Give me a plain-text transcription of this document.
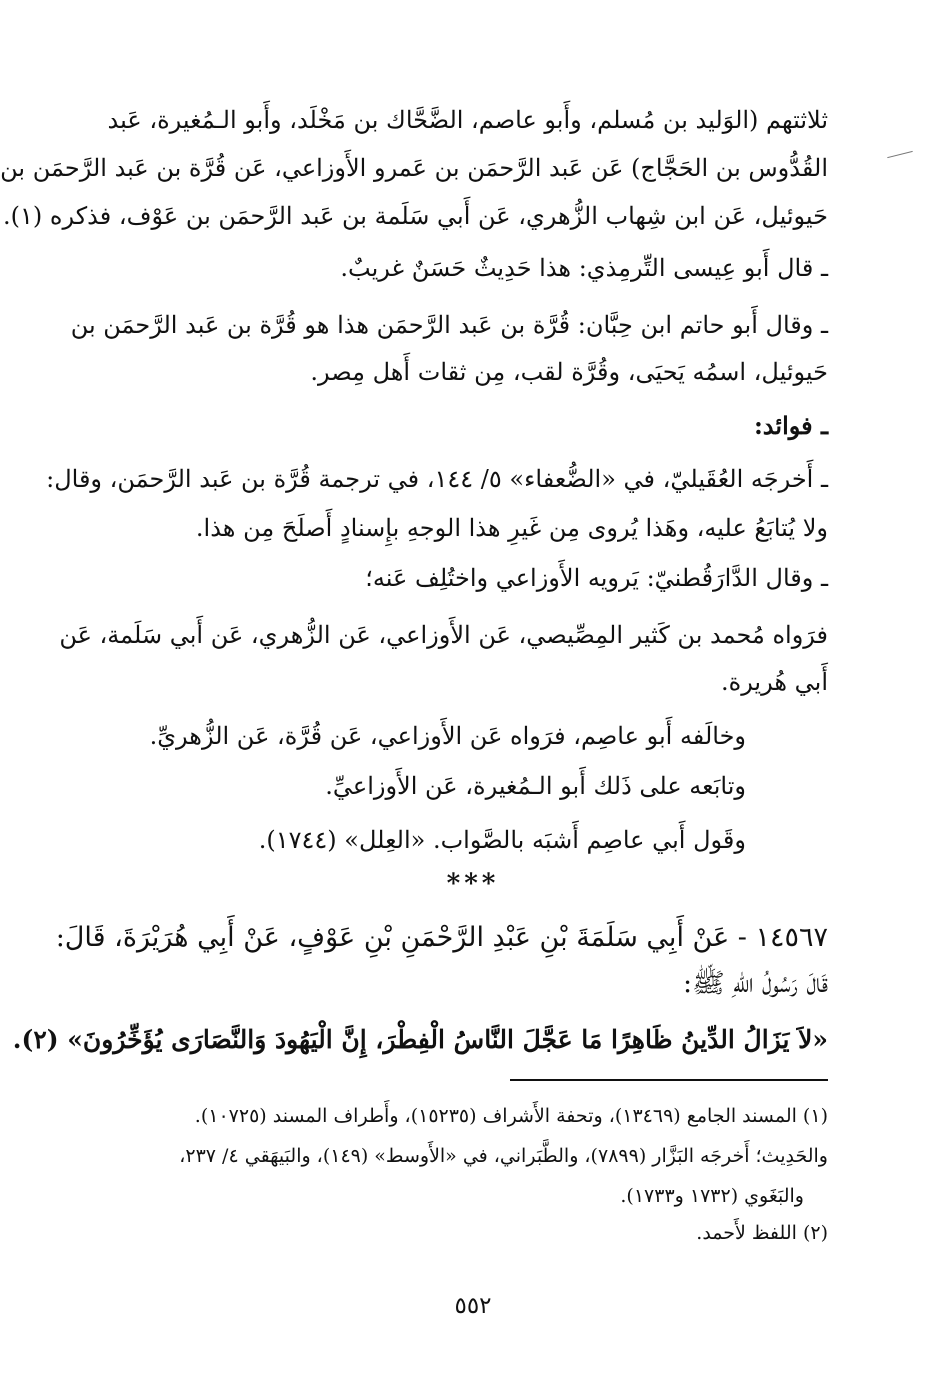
ثلاثتهم (الوَليد بن مُسلم، وأَبو عاصم، الضَّحَّاك بن مَخْلَد، وأَبو الـمُغيرة، عَبد
القُدُّوس بن الحَجَّاج) عَن عَبد الرَّحمَن بن عَمرو الأَوزاعي، عَن قُرَّة بن عَبد الرَّحمَن بن
حَيوئيل، عَن ابن شِهاب الزُّهري، عَن أَبي سَلَمة بن عَبد الرَّحمَن بن عَوْف، فذكره (١).
ـ قال أَبو عِيسى التِّرمِذي: هذا حَدِيثٌ حَسَنٌ غريبٌ.
ـ وقال أَبو حاتم ابن حِبَّان: قُرَّة بن عَبد الرَّحمَن هذا هو قُرَّة بن عَبد الرَّحمَن بن
حَيوئيل، اسمُه يَحيَى، وقُرَّة لقب، مِن ثقات أَهل مِصر.
ـ فوائد:
ـ أَخرجَه العُقَيليّ، في «الضُّعفاء» ٥/ ١٤٤، في ترجمة قُرَّة بن عَبد الرَّحمَن، وقال:
ولا يُتابَعُ عليه، وهَذا يُروى مِن غَيرِ هذا الوجهِ بإِسنادٍ أَصلَحَ مِن هذا.
ـ وقال الدَّارَقُطنيّ: يَرويه الأَوزاعي واختُلِف عَنه؛
فرَواه مُحمد بن كَثير المِصِّيصي، عَن الأَوزاعي، عَن الزُّهري، عَن أَبي سَلَمة، عَن
أَبي هُريرة.
وخالَفه أَبو عاصِم، فرَواه عَن الأَوزاعي، عَن قُرَّة، عَن الزُّهريِّ.
وتابَعه على ذَلك أَبو الـمُغيرة، عَن الأَوزاعيِّ.
وقَول أَبي عاصِم أَشبَه بالصَّواب. «العِلل» (١٧٤٤).
***
١٤٥٦٧ - عَنْ أَبِي سَلَمَةَ بْنِ عَبْدِ الرَّحْمَنِ بْنِ عَوْفٍ، عَنْ أَبِي هُرَيْرَةَ، قَالَ:
قَالَ رَسُولُ اللهِ ﷺ:
«لاَ يَزَالُ الدِّينُ ظَاهِرًا مَا عَجَّلَ النَّاسُ الْفِطْرَ، إِنَّ الْيَهُودَ وَالنَّصَارَى يُؤَخِّرُونَ» (٢).
(١) المسند الجامع (١٣٤٦٩)، وتحفة الأَشراف (١٥٢٣٥)، وأَطراف المسند (١٠٧٢٥).
والحَدِيث؛ أَخرجَه البَزَّار (٧٨٩٩)، والطَّبَراني، في «الأَوسط» (١٤٩)، والبَيهَقي ٤/ ٢٣٧،
والبَغَوي (١٧٣٢ و١٧٣٣).
(٢) اللفظ لأَحمد.
٥٥٢
